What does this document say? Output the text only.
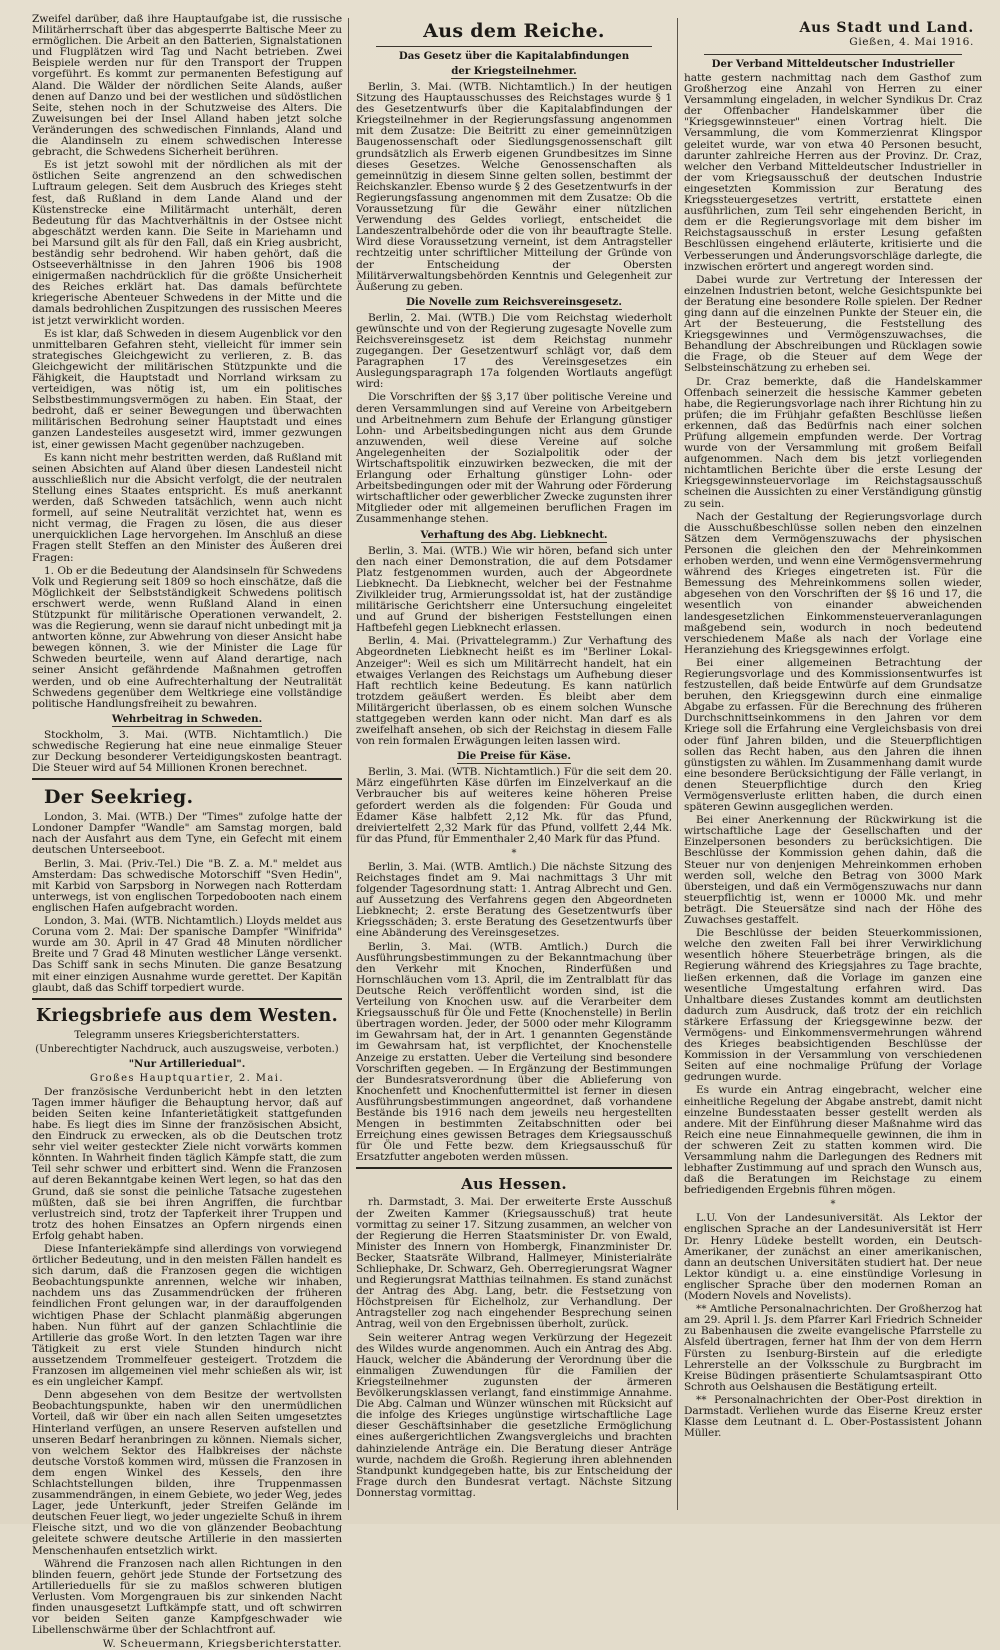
Zweifel darüber, daß ihre Hauptaufgabe ist, die russische Militärherrschaft über das abgesperrte Baltische Meer zu ermöglichen. Die Arbeit an den Batterien, Signalstationen und Flugplätzen wird Tag und Nacht betrieben. Zwei Beispiele werden nur für den Transport der Truppen vorgeführt. Es kommt zur permanenten Befestigung auf Aland. Die Wälder der nördlichen Seite Alands, außer denen auf Danzo und bei der westlichen und südöstlichen Seite, stehen noch in der Schutzweise des Alters. Die Zuweisungen bei der Insel Alland haben jetzt solche Veränderungen des schwedischen Finnlands, Aland und die Alandinseln zu einem schwedischen Interesse gebracht, die Schwedens Sicherheit berühren.

Es ist jetzt sowohl mit der nördlichen als mit der östlichen Seite angrenzend an den schwedischen Luftraum gelegen. Seit dem Ausbruch des Krieges steht fest, daß Rußland in dem Lande Aland und der Küstenstrecke eine Militärmacht unterhält, deren Bedeutung für das Machtverhältnis in der Ostsee nicht abgeschätzt werden kann. Die Seite in Mariehamn und bei Marsund gilt als für den Fall, daß ein Krieg ausbricht, beständig sehr bedrohend. Wir haben gehört, daß die Ostseeverhältnisse in den Jahren 1906 bis 1908 einigermaßen nachdrücklich für die größte Unsicherheit des Reiches erklärt hat. Das damals befürchtete kriegerische Abenteuer Schwedens in der Mitte und die damals bedrohlichen Zuspitzungen des russischen Meeres ist jetzt verwirklicht worden.

Es ist klar, daß Schweden in diesem Augenblick vor den unmittelbaren Gefahren steht, vielleicht für immer sein strategisches Gleichgewicht zu verlieren, z. B. das Gleichgewicht der militärischen Stützpunkte und die Fähigkeit, die Hauptstadt und Norrland wirksam zu verteidigen, was nötig ist, um ein politisches Selbstbestimmungsvermögen zu haben. Ein Staat, der bedroht, daß er seiner Bewegungen und überwachten militärischen Bedrohung seiner Hauptstadt und eines ganzen Landesteiles ausgesetzt wird, immer gezwungen ist, einer gewissen Macht gegenüber nachzugeben.

Es kann nicht mehr bestritten werden, daß Rußland mit seinen Absichten auf Aland über diesen Landesteil nicht ausschließlich nur die Absicht verfolgt, die der neutralen Stellung eines Staates entspricht. Es muß anerkannt werden, daß Schweden tatsächlich, wenn auch nicht formell, auf seine Neutralität verzichtet hat, wenn es nicht vermag, die Fragen zu lösen, die aus dieser unerquicklichen Lage hervorgehen. Im Anschluß an diese Fragen stellt Steffen an den Minister des Äußeren drei Fragen:

1. Ob er die Bedeutung der Alandsinseln für Schwedens Volk und Regierung seit 1809 so hoch einschätze, daß die Möglichkeit der Selbstständigkeit Schwedens politisch erschwert werde, wenn Rußland Aland in einen Stützpunkt für militärische Operationen verwandelt, 2. was die Regierung, wenn sie darauf nicht unbedingt mit ja antworten könne, zur Abwehrung von dieser Ansicht habe bewegen können, 3. wie der Minister die Lage für Schweden beurteile, wenn auf Aland derartige, nach seiner Ansicht gefährdende Maßnahmen getroffen werden, und ob eine Aufrechterhaltung der Neutralität Schwedens gegenüber dem Weltkriege eine vollständige politische Handlungsfreiheit zu bewahren.

Wehrbeitrag in Schweden.

Stockholm, 3. Mai. (WTB. Nichtamtlich.) Die schwedische Regierung hat eine neue einmalige Steuer zur Deckung besonderer Verteidigungskosten beantragt. Die Steuer wird auf 54 Millionen Kronen berechnet.

Der Seekrieg.

London, 3. Mai. (WTB.) Der "Times" zufolge hatte der Londoner Dampfer "Wandle" am Samstag morgen, bald nach der Ausfahrt aus dem Tyne, ein Gefecht mit einem deutschen Unterseeboot.

Berlin, 3. Mai. (Priv.-Tel.) Die "B. Z. a. M." meldet aus Amsterdam: Das schwedische Motorschiff "Sven Hedin", mit Karbid von Sarpsborg in Norwegen nach Rotterdam unterwegs, ist von englischen Torpedobooten nach einem englischen Hafen aufgebracht worden.

London, 3. Mai. (WTB. Nichtamtlich.) Lloyds meldet aus Coruna vom 2. Mai: Der spanische Dampfer "Winifrida" wurde am 30. April in 47 Grad 48 Minuten nördlicher Breite und 7 Grad 48 Minuten westlicher Länge versenkt. Das Schiff sank in sechs Minuten. Die ganze Besatzung mit einer einzigen Ausnahme wurde gerettet. Der Kapitän glaubt, daß das Schiff torpediert wurde.

Kriegsbriefe aus dem Westen.
Telegramm unseres Kriegsberichterstatters.
(Unberechtigter Nachdruck, auch auszugsweise, verboten.)
"Nur Artilleriedual".
Großes Hauptquartier, 2. Mai.

Der französische Verdunbericht hebt in den letzten Tagen immer häufiger die Behauptung hervor, daß auf beiden Seiten keine Infanterietätigkeit stattgefunden habe. Es liegt dies im Sinne der französischen Absicht, den Eindruck zu erwecken, als ob die Deutschen trotz sehr viel weiter gesteckter Ziele nicht vorwärts kommen könnten. In Wahrheit finden täglich Kämpfe statt, die zum Teil sehr schwer und erbittert sind. Wenn die Franzosen auf deren Bekanntgabe keinen Wert legen, so hat das den Grund, daß sie sonst die peinliche Tatsache zugestehen müßten, daß sie bei ihren Angriffen, die furchtbar verlustreich sind, trotz der Tapferkeit ihrer Truppen und trotz des hohen Einsatzes an Opfern nirgends einen Erfolg gehabt haben.

Diese Infanteriekämpfe sind allerdings von vorwiegend örtlicher Bedeutung, und in den meisten Fällen handelt es sich darum, daß die Franzosen gegen die wichtigen Beobachtungspunkte anrennen, welche wir inhaben, nachdem uns das Zusammendrücken der früheren feindlichen Front gelungen war, in der darauffolgenden wichtigen Phase der Schlacht planmäßig abgerungen haben. Nun führt auf der ganzen Schlachtlinie die Artillerie das große Wort. In den letzten Tagen war ihre Tätigkeit zu erst viele Stunden hindurch nicht aussetzendem Trommelfeuer gesteigert. Trotzdem die Franzosen im allgemeinen viel mehr schießen als wir, ist es ein ungleicher Kampf.

Denn abgesehen von dem Besitze der wertvollsten Beobachtungspunkte, haben wir den unermüdlichen Vorteil, daß wir über ein nach allen Seiten umgesetztes Hinterland verfügen, an unsere Reserven aufstellen und unseren Bedarf heranbringen zu können. Niemals sicher, von welchem Sektor des Halbkreises der nächste deutsche Vorstoß kommen wird, müssen die Franzosen in dem engen Winkel des Kessels, den ihre Schlachtstellungen bilden, ihre Truppenmassen zusammendrängen, in einem Gebiete, wo jeder Weg, jedes Lager, jede Unterkunft, jeder Streifen Gelände im deutschen Feuer liegt, wo jeder ungezielte Schuß in ihrem Fleische sitzt, und wo die von glänzender Beobachtung geleitete schwere deutsche Artillerie in den massierten Menschenhaufen entsetzlich wirkt.

Während die Franzosen nach allen Richtungen in den blinden feuern, gehört jede Stunde der Fortsetzung des Artillerieduells für sie zu maßlos schweren blutigen Verlusten. Vom Morgengrauen bis zur sinkenden Nacht finden unausgesetzt Luftkämpfe statt, und oft schwirren vor beiden Seiten ganze Kampfgeschwader wie Libellenschwärme über der Schlachtfront auf.

W. Scheuermann, Kriegsberichterstatter.
Aus dem Reiche.
Das Gesetz über die Kapitalabfindungen
der Kriegsteilnehmer.

Berlin, 3. Mai. (WTB. Nichtamtlich.) In der heutigen Sitzung des Hauptausschusses des Reichstages wurde § 1 des Gesetzentwurfs über die Kapitalabfindungen der Kriegsteilnehmer in der Regierungsfassung angenommen mit dem Zusatze: Die Beitritt zu einer gemeinnützigen Baugenossenschaft oder Siedlungsgenossenschaft gilt grundsätzlich als Erwerb eigenen Grundbesitzes im Sinne dieses Gesetzes. Welche Genossenschaften als gemeinnützig in diesem Sinne gelten sollen, bestimmt der Reichskanzler. Ebenso wurde § 2 des Gesetzentwurfs in der Regierungsfassung angenommen mit dem Zusatze: Ob die Voraussetzung für die Gewähr einer nützlichen Verwendung des Geldes vorliegt, entscheidet die Landeszentralbehörde oder die von ihr beauftragte Stelle. Wird diese Voraussetzung verneint, ist dem Antragsteller rechtzeitig unter schriftlicher Mitteilung der Gründe von der Entscheidung der Obersten Militärverwaltungsbehörden Kenntnis und Gelegenheit zur Äußerung zu geben.

Die Novelle zum Reichsvereinsgesetz.

Berlin, 2. Mai. (WTB.) Die vom Reichstag wiederholt gewünschte und von der Regierung zugesagte Novelle zum Reichsvereinsgesetz ist dem Reichstag nunmehr zugegangen. Der Gesetzentwurf schlägt vor, daß dem Paragraphen 17 des Vereinsgesetzes ein Auslegungsparagraph 17a folgenden Wortlauts angefügt wird:

Die Vorschriften der §§ 3,17 über politische Vereine und deren Versammlungen sind auf Vereine von Arbeitgebern und Arbeitnehmern zum Behufe der Erlangung günstiger Lohn- und Arbeitsbedingungen nicht aus dem Grunde anzuwenden, weil diese Vereine auf solche Angelegenheiten der Sozialpolitik oder der Wirtschaftspolitik einzuwirken bezwecken, die mit der Erlangung oder Erhaltung günstiger Lohn- oder Arbeitsbedingungen oder mit der Wahrung oder Förderung wirtschaftlicher oder gewerblicher Zwecke zugunsten ihrer Mitglieder oder mit allgemeinen beruflichen Fragen im Zusammenhange stehen.

Verhaftung des Abg. Liebknecht.

Berlin, 3. Mai. (WTB.) Wie wir hören, befand sich unter den nach einer Demonstration, die auf dem Potsdamer Platz festgenommen wurden, auch der Abgeordnete Liebknecht. Da Liebknecht, welcher bei der Festnahme Zivilkleider trug, Armierungssoldat ist, hat der zuständige militärische Gerichtsherr eine Untersuchung eingeleitet und auf Grund der bisherigen Feststellungen einen Haftbefehl gegen Liebknecht erlassen.

Berlin, 4. Mai. (Privattelegramm.) Zur Verhaftung des Abgeordneten Liebknecht heißt es im "Berliner Lokal-Anzeiger": Weil es sich um Militärrecht handelt, hat ein etwaiges Verlangen des Reichstags um Aufhebung dieser Haft rechtlich keine Bedeutung. Es kann natürlich trotzdem geäußert werden. Es bleibt aber dem Militärgericht überlassen, ob es einem solchen Wunsche stattgegeben werden kann oder nicht. Man darf es als zweifelhaft ansehen, ob sich der Reichstag in diesem Falle von rein formalen Erwägungen leiten lassen wird.

Die Preise für Käse.

Berlin, 3. Mai. (WTB. Nichtamtlich.) Für die seit dem 20. März eingeführten Käse dürfen im Einzelverkauf an die Verbraucher bis auf weiteres keine höheren Preise gefordert werden als die folgenden: Für Gouda und Edamer Käse halbfett 2,12 Mk. für das Pfund, dreiviertelfett 2,32 Mark für das Pfund, vollfett 2,44 Mk. für das Pfund, für Emmenthaler 2,40 Mark für das Pfund.

*

Berlin, 3. Mai. (WTB. Amtlich.) Die nächste Sitzung des Reichstages findet am 9. Mai nachmittags 3 Uhr mit folgender Tagesordnung statt: 1. Antrag Albrecht und Gen. auf Aussetzung des Verfahrens gegen den Abgeordneten Liebknecht; 2. erste Beratung des Gesetzentwurfs über Kriegsschäden; 3. erste Beratung des Gesetzentwurfs über eine Abänderung des Vereinsgesetzes.

Berlin, 3. Mai. (WTB. Amtlich.) Durch die Ausführungsbestimmungen zu der Bekanntmachung über den Verkehr mit Knochen, Rinderfüßen und Hornschläuchen vom 13. April, die im Zentralblatt für das Deutsche Reich veröffentlicht worden sind, ist die Verteilung von Knochen usw. auf die Verarbeiter dem Kriegsausschuß für Öle und Fette (Knochenstelle) in Berlin übertragen worden. Jeder, der 5000 oder mehr Kilogramm im Gewahrsam hat, der in Art. 1 genannten Gegenstände im Gewahrsam hat, ist verpflichtet, der Knochenstelle Anzeige zu erstatten. Ueber die Verteilung sind besondere Vorschriften gegeben. — In Ergänzung der Bestimmungen der Bundesratsverordnung über die Ablieferung von Knochenfett und Knochenfuttermittel ist ferner in diesen Ausführungsbestimmungen angeordnet, daß vorhandene Bestände bis 1916 nach dem jeweils neu hergestellten Mengen in bestimmten Zeitabschnitten oder bei Erreichung eines gewissen Betrages dem Kriegsausschuß für Öle und Fette bezw. dem Kriegsausschuß für Ersatzfutter angeboten werden müssen.

Aus Hessen.

rh. Darmstadt, 3. Mai. Der erweiterte Erste Ausschuß der Zweiten Kammer (Kriegsausschuß) trat heute vormittag zu seiner 17. Sitzung zusammen, an welcher von der Regierung die Herren Staatsminister Dr. von Ewald, Minister des Innern von Hombergk, Finanzminister Dr. Becker, Staatsräte Wilbrand, Hallmeyer, Ministerialräte Schliephake, Dr. Schwarz, Geh. Oberregierungsrat Wagner und Regierungsrat Matthias teilnahmen. Es stand zunächst der Antrag des Abg. Lang, betr. die Festsetzung von Höchstpreisen für Eichelholz, zur Verhandlung. Der Antragsteller zog nach eingehender Besprechung seinen Antrag, weil von den Ergebnissen überholt, zurück.

Sein weiterer Antrag wegen Verkürzung der Hegezeit des Wildes wurde angenommen. Auch ein Antrag des Abg. Hauck, welcher die Abänderung der Verordnung über die einmaligen Zuwendungen für die Familien der Kriegsteilnehmer zugunsten der ärmeren Bevölkerungsklassen verlangt, fand einstimmige Annahme. Die Abg. Calman und Wünzer wünschen mit Rücksicht auf die infolge des Krieges ungünstige wirtschaftliche Lage dieser Geschäftsinhaber die gesetzliche Ermöglichung eines außergerichtlichen Zwangsvergleichs und brachten dahinzielende Anträge ein. Die Beratung dieser Anträge wurde, nachdem die Großh. Regierung ihren ablehnenden Standpunkt kundgegeben hatte, bis zur Entscheidung der Frage durch den Bundesrat vertagt. Nächste Sitzung Donnerstag vormittag.

Aus Stadt und Land.
Gießen, 4. Mai 1916.
Der Verband Mitteldeutscher Industrieller

hatte gestern nachmittag nach dem Gasthof zum Großherzog eine Anzahl von Herren zu einer Versammlung eingeladen, in welcher Syndikus Dr. Craz der Offenbacher Handelskammer über die "Kriegsgewinnsteuer" einen Vortrag hielt. Die Versammlung, die vom Kommerzienrat Klingspor geleitet wurde, war von etwa 40 Personen besucht, darunter zahlreiche Herren aus der Provinz. Dr. Craz, welcher den Verband Mitteldeutscher Industrieller in der vom Kriegsausschuß der deutschen Industrie eingesetzten Kommission zur Beratung des Kriegssteuergesetzes vertritt, erstattete einen ausführlichen, zum Teil sehr eingehenden Bericht, in dem er die Regierungsvorlage mit dem bisher im Reichstagsausschuß in erster Lesung gefaßten Beschlüssen eingehend erläuterte, kritisierte und die Verbesserungen und Änderungsvorschläge darlegte, die inzwischen erörtert und angeregt worden sind.

Dabei wurde zur Vertretung der Interessen der einzelnen Industrien betont, welche Gesichtspunkte bei der Beratung eine besondere Rolle spielen. Der Redner ging dann auf die einzelnen Punkte der Steuer ein, die Art der Besteuerung, die Feststellung des Kriegsgewinnes und Vermögenszuwachses, die Behandlung der Abschreibungen und Rücklagen sowie die Frage, ob die Steuer auf dem Wege der Selbsteinschätzung zu erheben sei.

Dr. Craz bemerkte, daß die Handelskammer Offenbach seinerzeit die hessische Kammer gebeten habe, die Regierungsvorlage nach ihrer Richtung hin zu prüfen; die im Frühjahr gefaßten Beschlüsse ließen erkennen, daß das Bedürfnis nach einer solchen Prüfung allgemein empfunden werde. Der Vortrag wurde von der Versammlung mit großem Beifall aufgenommen. Nach dem bis jetzt vorliegenden nichtamtlichen Berichte über die erste Lesung der Kriegsgewinnsteuervorlage im Reichstagsausschuß scheinen die Aussichten zu einer Verständigung günstig zu sein.

Nach der Gestaltung der Regierungsvorlage durch die Ausschußbeschlüsse sollen neben den einzelnen Sätzen dem Vermögenszuwachs der physischen Personen die gleichen den der Mehreinkommen erhoben werden, und wenn eine Vermögensvermehrung während des Krieges eingetreten ist. Für die Bemessung des Mehreinkommens sollen wieder, abgesehen von den Vorschriften der §§ 16 und 17, die wesentlich von einander abweichenden landesgesetzlichen Einkommensteuerveranlagungen maßgebend sein, wodurch in noch bedeutend verschiedenem Maße als nach der Vorlage eine Heranziehung des Kriegsgewinnes erfolgt.

Bei einer allgemeinen Betrachtung der Regierungsvorlage und des Kommissionsentwurfes ist festzustellen, daß beide Entwürfe auf dem Grundsatze beruhen, den Kriegsgewinn durch eine einmalige Abgabe zu erfassen. Für die Berechnung des früheren Durchschnittseinkommens in den Jahren vor dem Kriege soll die Erfahrung eine Vergleichsbasis von drei oder fünf Jahren bilden, und die Steuerpflichtigen sollen das Recht haben, aus den Jahren die ihnen günstigsten zu wählen. Im Zusammenhang damit wurde eine besondere Berücksichtigung der Fälle verlangt, in denen Steuerpflichtige durch den Krieg Vermögensverluste erlitten haben, die durch einen späteren Gewinn ausgeglichen werden.

Bei einer Anerkennung der Rückwirkung ist die wirtschaftliche Lage der Gesellschaften und der Einzelpersonen besonders zu berücksichtigen. Die Beschlüsse der Kommission gehen dahin, daß die Steuer nur von denjenigen Mehreinkommen erhoben werden soll, welche den Betrag von 3000 Mark übersteigen, und daß ein Vermögenszuwachs nur dann steuerpflichtig ist, wenn er 10000 Mk. und mehr beträgt. Die Steuersätze sind nach der Höhe des Zuwachses gestaffelt.

Die Beschlüsse der beiden Steuerkommissionen, welche den zweiten Fall bei ihrer Verwirklichung wesentlich höhere Steuerbeträge bringen, als die Regierung während des Kriegsjahres zu Tage brachte, ließen erkennen, daß die Vorlage im ganzen eine wesentliche Umgestaltung erfahren wird. Das Unhaltbare dieses Zustandes kommt am deutlichsten dadurch zum Ausdruck, daß trotz der ein reichlich stärkere Erfassung der Kriegsgewinne bezw. der Vermögens- und Einkommensvermehrungen während des Krieges beabsichtigenden Beschlüsse der Kommission in der Versammlung von verschiedenen Seiten auf eine nochmalige Prüfung der Vorlage gedrungen wurde.

Es wurde ein Antrag eingebracht, welcher eine einheitliche Regelung der Abgabe anstrebt, damit nicht einzelne Bundesstaaten besser gestellt werden als andere. Mit der Einführung dieser Maßnahme wird das Reich eine neue Einnahmequelle gewinnen, die ihm in der schweren Zeit zu statten kommen wird. Die Versammlung nahm die Darlegungen des Redners mit lebhafter Zustimmung auf und sprach den Wunsch aus, daß die Beratungen im Reichstage zu einem befriedigenden Ergebnis führen mögen.

*

L.U. Von der Landesuniversität. Als Lektor der englischen Sprache an der Landesuniversität ist Herr Dr. Henry Lüdeke bestellt worden, ein Deutsch-Amerikaner, der zunächst an einer amerikanischen, dann an deutschen Universitäten studiert hat. Der neue Lektor kündigt u. a. eine einstündige Vorlesung in englischer Sprache über den modernen Roman an (Modern Novels and Novelists).

** Amtliche Personalnachrichten. Der Großherzog hat am 29. April l. Js. dem Pfarrer Karl Friedrich Schneider zu Babenhausen die zweite evangelische Pfarrstelle zu Alsfeld übertragen, ferner hat Ihm der von dem Herrn Fürsten zu Isenburg-Birstein auf die erledigte Lehrerstelle an der Volksschule zu Burgbracht im Kreise Büdingen präsentierte Schulamtsaspirant Otto Schroth aus Oelshausen die Bestätigung erteilt.

** Personalnachrichten der Ober-Post direktion in Darmstadt. Verliehen wurde das Eiserne Kreuz erster Klasse dem Leutnant d. L. Ober-Postassistent Johann Müller.
